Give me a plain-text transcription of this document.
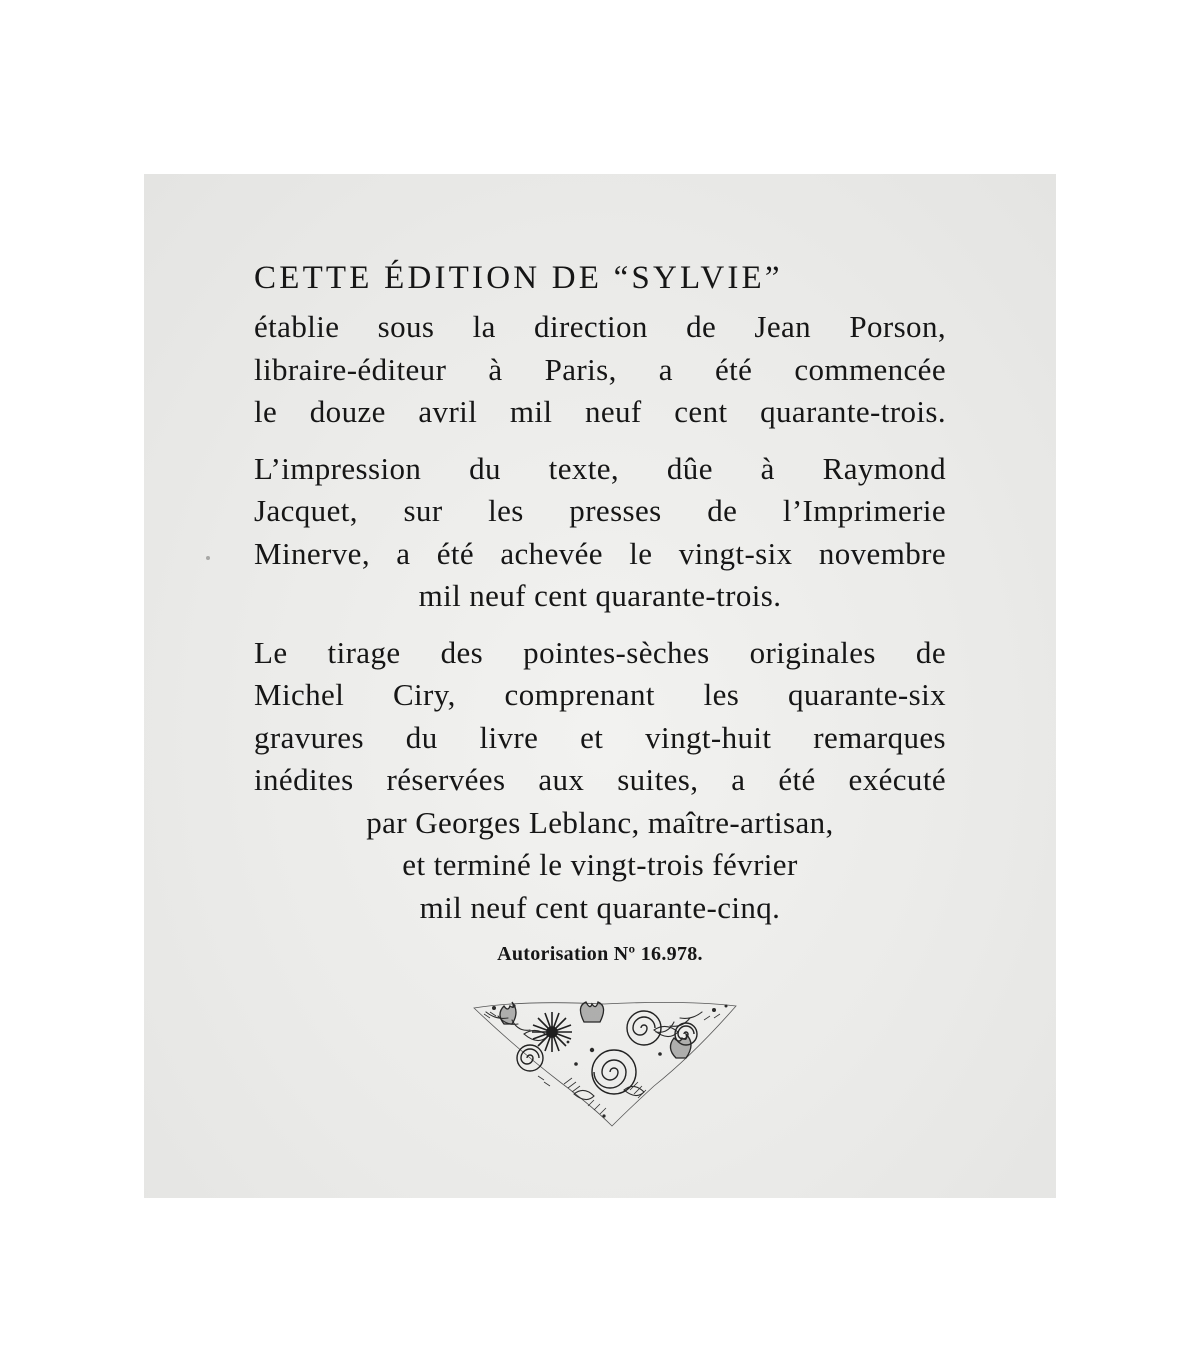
CETTE ÉDITION DE “SYLVIE”
établie sous la direction de Jean Porson,
libraire-éditeur à Paris, a été commencée
le douze avril mil neuf cent quarante-trois.
L’impression du texte, dûe à Raymond
Jacquet, sur les presses de l’Imprimerie
Minerve, a été achevée le vingt-six novembre
mil neuf cent quarante-trois.
Le tirage des pointes-sèches originales de
Michel Ciry, comprenant les quarante-six
gravures du livre et vingt-huit remarques
inédites réservées aux suites, a été exécuté
par Georges Leblanc, maître-artisan,
et terminé le vingt-trois février
mil neuf cent quarante-cinq.
Autorisation Nº 16.978.
